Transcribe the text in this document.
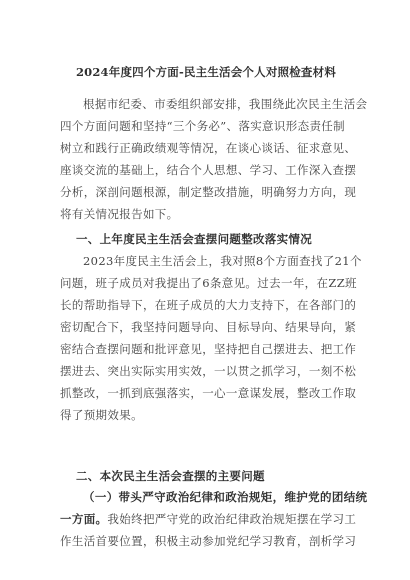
2024年度四个方面-民主生活会个人对照检查材料
根据市纪委、市委组织部安排，我围绕此次民主生活会
四个方面问题和坚持“三个务必”、落实意识形态责任制
树立和践行正确政绩观等情况，在谈心谈话、征求意见、
座谈交流的基础上，结合个人思想、学习、工作深入查摆
分析，深剖问题根源，制定整改措施，明确努力方向，现
将有关情况报告如下。
一、上年度民主生活会查摆问题整改落实情况
2023年度民主生活会上，我对照8个方面查找了21个
问题，班子成员对我提出了6条意见。过去一年，在ZZ班
长的帮助指导下，在班子成员的大力支持下，在各部门的
密切配合下，我坚持问题导向、目标导向、结果导向，紧
密结合查摆问题和批评意见，坚持把自己摆进去、把工作
摆进去、突出实际实用实效，一以贯之抓学习，一刻不松
抓整改，一抓到底强落实，一心一意谋发展，整改工作取
得了预期效果。
二、本次民主生活会查摆的主要问题
（一）带头严守政治纪律和政治规矩，维护党的团结统
一方面。我始终把严守党的政治纪律政治规矩摆在学习工
作生活首要位置，积极主动参加党纪学习教育，剖析学习
